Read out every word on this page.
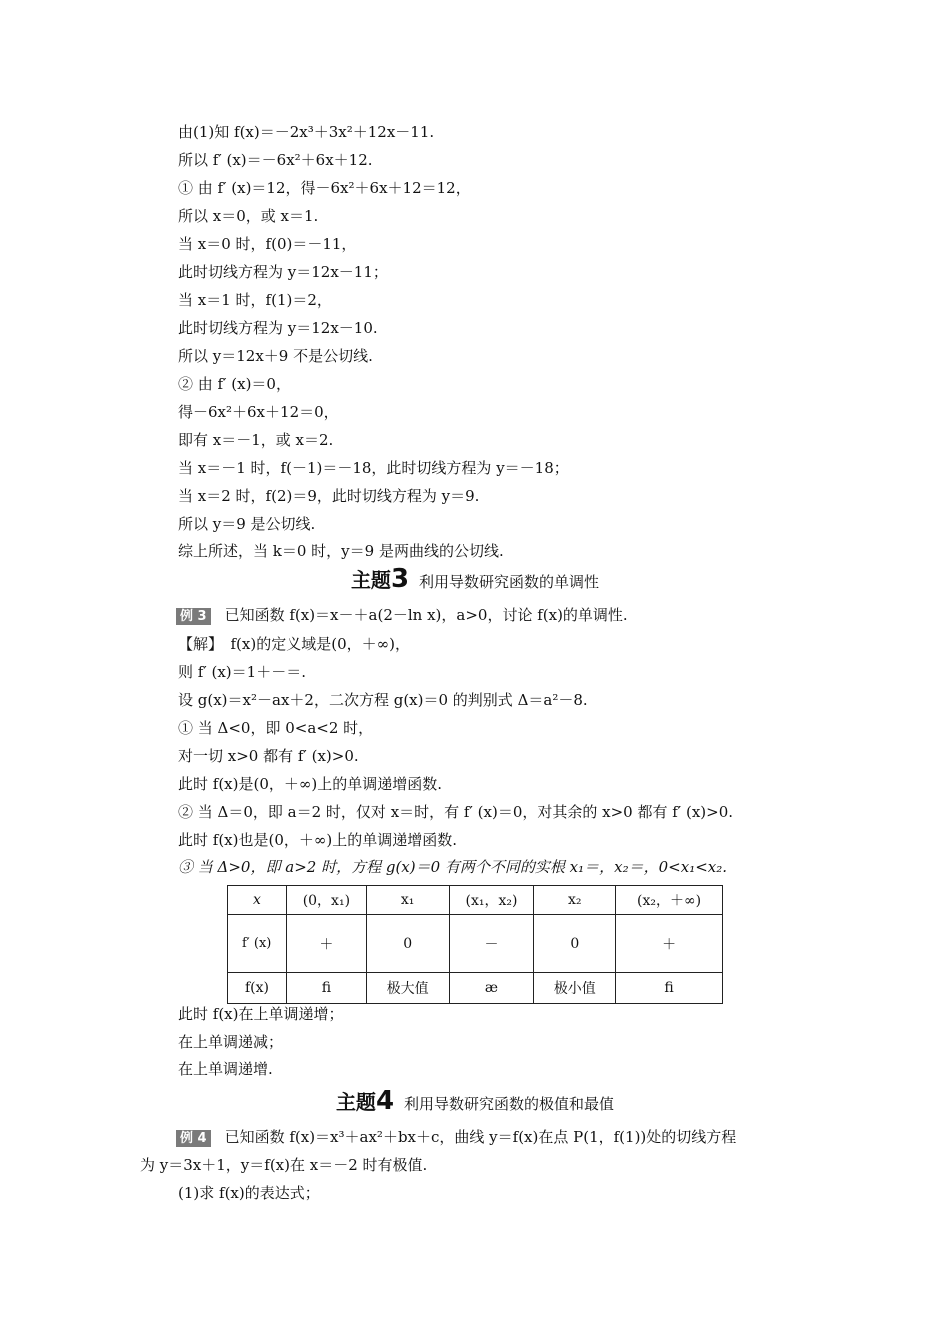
由(1)知 f(x)＝－2x³＋3x²＋12x－11.
所以 f′ (x)＝－6x²＋6x＋12.
① 由 f′ (x)＝12，得－6x²＋6x＋12＝12，
所以 x＝0，或 x＝1.
当 x＝0 时，f(0)＝－11，
此时切线方程为 y＝12x－11；
当 x＝1 时，f(1)＝2，
此时切线方程为 y＝12x－10.
所以 y＝12x＋9 不是公切线.
② 由 f′ (x)＝0，
得－6x²＋6x＋12＝0，
即有 x＝－1，或 x＝2.
当 x＝－1 时，f(－1)＝－18，此时切线方程为 y＝－18；
当 x＝2 时，f(2)＝9，此时切线方程为 y＝9.
所以 y＝9 是公切线.
综上所述，当 k＝0 时，y＝9 是两曲线的公切线.
主题3 利用导数研究函数的单调性
例 3 已知函数 f(x)＝x－＋a(2－ln x)，a>0，讨论 f(x)的单调性.
【解】　f(x)的定义域是(0，＋∞)，
则 f′ (x)＝1＋－＝.
设 g(x)＝x²－ax＋2，二次方程 g(x)＝0 的判别式 Δ＝a²－8.
① 当 Δ<0，即 0<a<2 时，
对一切 x>0 都有 f′ (x)>0.
此时 f(x)是(0，＋∞)上的单调递增函数.
② 当 Δ＝0，即 a＝2 时，仅对 x＝时，有 f′ (x)＝0，对其余的 x>0 都有 f′ (x)>0.
此时 f(x)也是(0，＋∞)上的单调递增函数.
③ 当 Δ>0，即 a>2 时，方程 g(x)＝0 有两个不同的实根 x₁＝，x₂＝，0<x₁<x₂.
x	(0，x₁)	x₁	(x₁，x₂)	x₂	(x₂，＋∞)
f′ (x)	＋	0	－	0	＋
f(x)	ﬁ	极大值	æ	极小值	ﬁ
此时 f(x)在上单调递增；
在上单调递减；
在上单调递增.
主题4 利用导数研究函数的极值和最值
例 4 已知函数 f(x)＝x³＋ax²＋bx＋c，曲线 y＝f(x)在点 P(1，f(1))处的切线方程
为 y＝3x＋1，y＝f(x)在 x＝－2 时有极值.
(1)求 f(x)的表达式；
